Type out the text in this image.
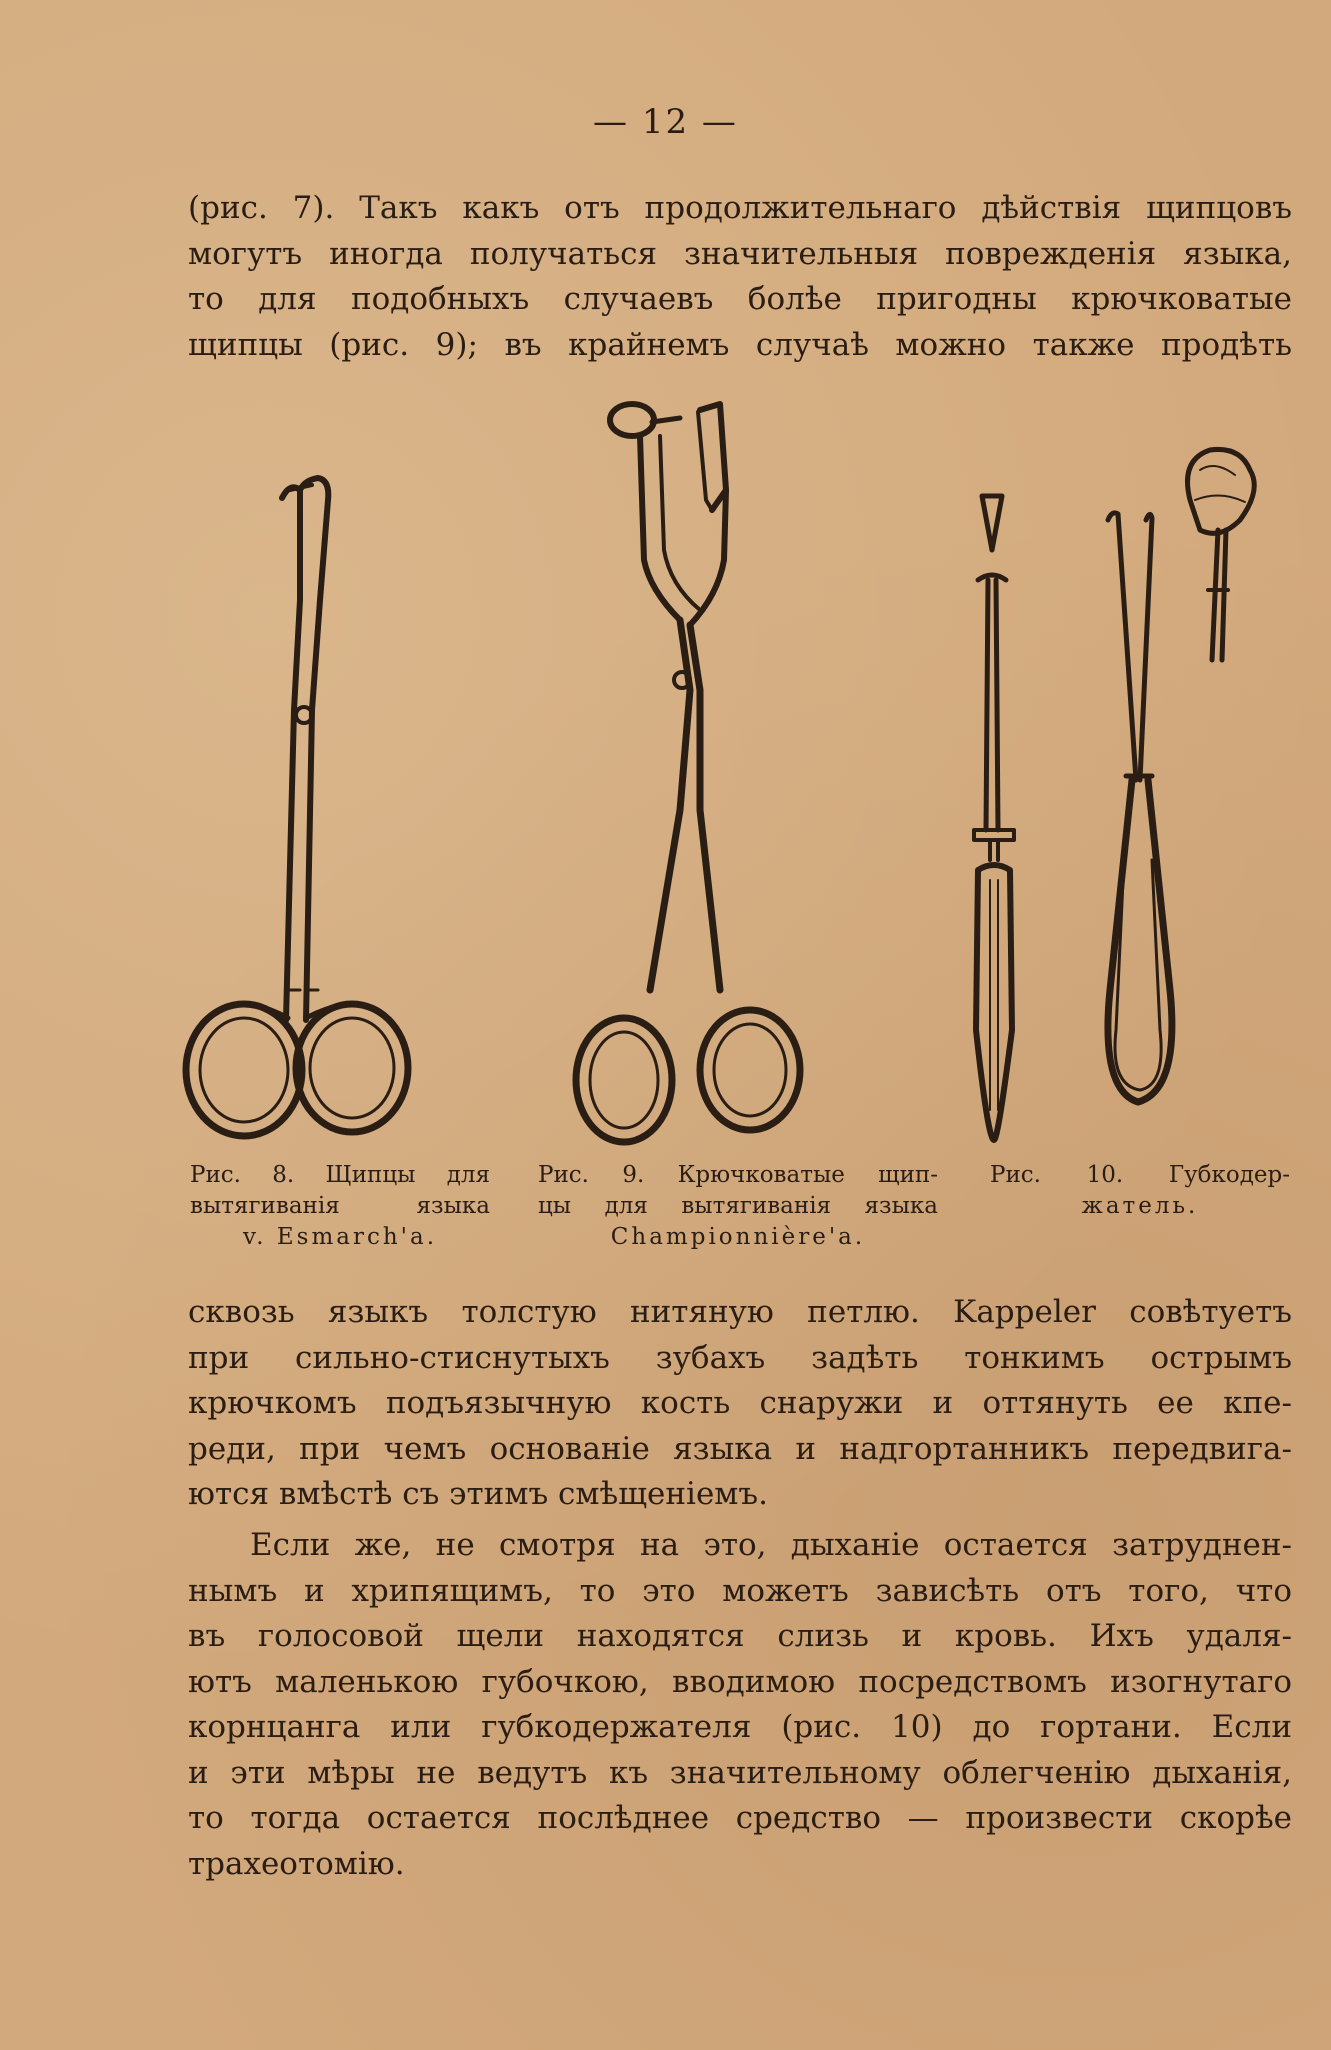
— 12 —
(рис. 7). Такъ какъ отъ продолжительнаго дѣйствія щипцовъ
могутъ иногда получаться значительныя поврежденія языка,
то для подобныхъ случаевъ болѣе пригодны крючковатые
щипцы (рис. 9); въ крайнемъ случаѣ можно также продѣть
Рис. 8. Щипцы для
вытягиванія языка
v. Esmarch'a.
Рис. 9. Крючковатые щип-
цы для вытягиванія языка
Championnière'a.
Рис. 10. Губкодер-
жатель.
сквозь языкъ толстую нитяную петлю. Kappeler совѣтуетъ
при сильно-стиснутыхъ зубахъ задѣть тонкимъ острымъ
крючкомъ подъязычную кость снаружи и оттянуть ее кпе-
реди, при чемъ основаніе языка и надгортанникъ передвига-
ются вмѣстѣ съ этимъ смѣщеніемъ.
Если же, не смотря на это, дыханіе остается затруднен-
нымъ и хрипящимъ, то это можетъ зависѣть отъ того, что
въ голосовой щели находятся слизь и кровь. Ихъ удаля-
ютъ маленькою губочкою, вводимою посредствомъ изогнутаго
корнцанга или губкодержателя (рис. 10) до гортани. Если
и эти мѣры не ведутъ къ значительному облегченію дыханія,
то тогда остается послѣднее средство — произвести скорѣе
трахеотомію.
